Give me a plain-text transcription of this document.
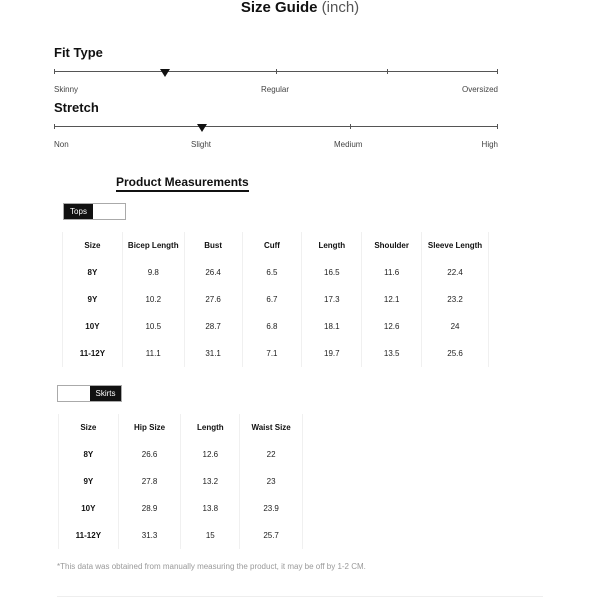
Size Guide (inch)
Fit Type
Skinny	Regular	Oversized
Stretch
Non	Slight	Medium	High
Product Measurements
Tops
Size	Bicep Length	Bust	Cuff	Length	Shoulder	Sleeve Length
8Y	9.8	26.4	6.5	16.5	11.6	22.4
9Y	10.2	27.6	6.7	17.3	12.1	23.2
10Y	10.5	28.7	6.8	18.1	12.6	24
11-12Y	11.1	31.1	7.1	19.7	13.5	25.6
Skirts
Size	Hip Size	Length	Waist Size
8Y	26.6	12.6	22
9Y	27.8	13.2	23
10Y	28.9	13.8	23.9
11-12Y	31.3	15	25.7
*This data was obtained from manually measuring the product, it may be off by 1-2 CM.
